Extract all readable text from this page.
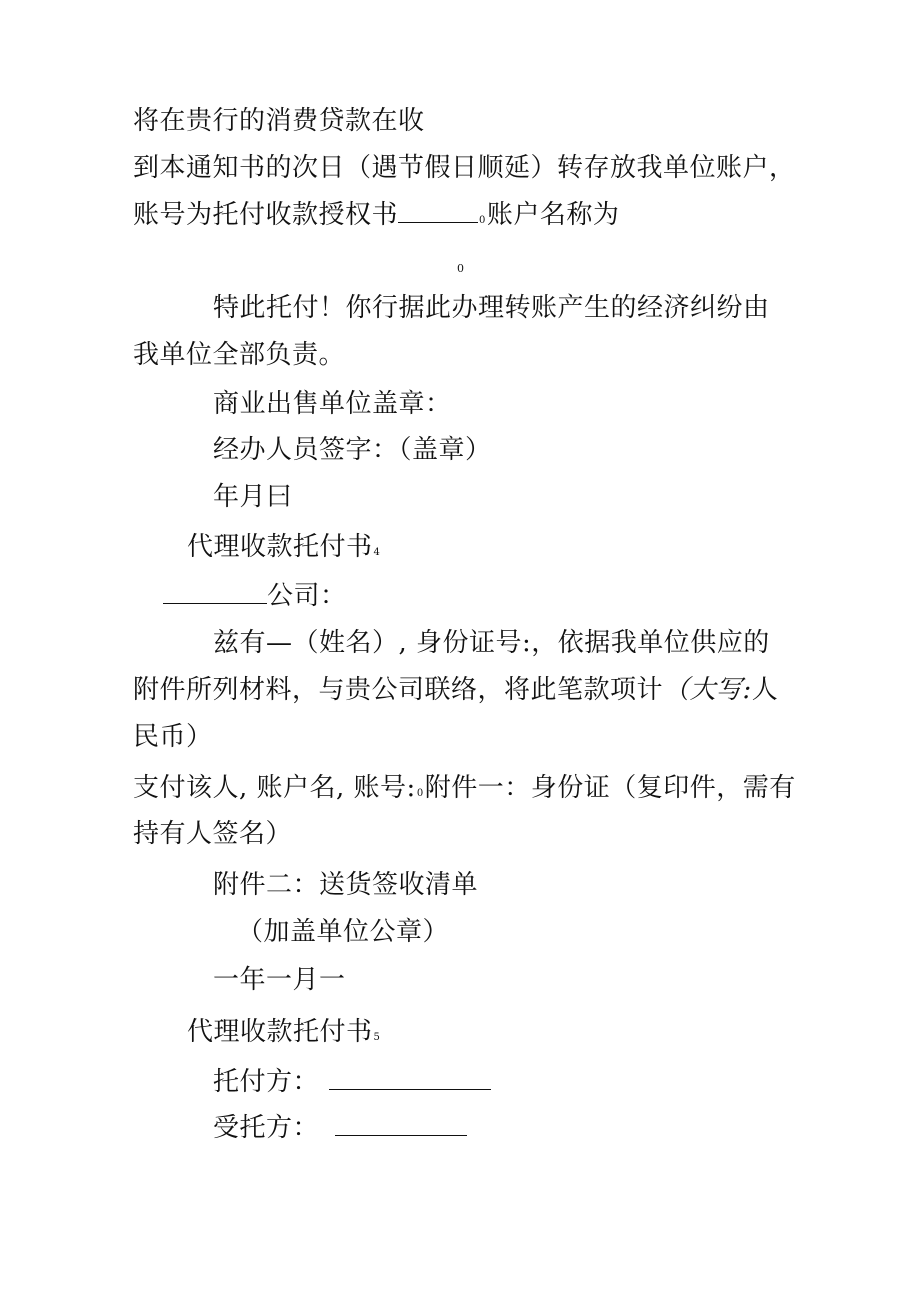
将在贵行的消费贷款在收
到本通知书的次日（遇节假日顺延）转存放我单位账户，
账号为托付收款授权书	0账户名称为
0
特此托付！你行据此办理转账产生的经济纠纷由
我单位全部负责。
商业出售单位盖章：
经办人员签字：（盖章）
年月曰
代理收款托付书4
公司：
兹有—（姓名）, 身份证号:，依据我单位供应的
附件所列材料，与贵公司联络，将此笔款项计（大写:人
民币）
支付该人, 账户名, 账号:0附件一：身份证（复印件，需有
持有人签名）
附件二：送货签收清单
（加盖单位公章）
一年一月一
代理收款托付书5
托付方：
受托方：
